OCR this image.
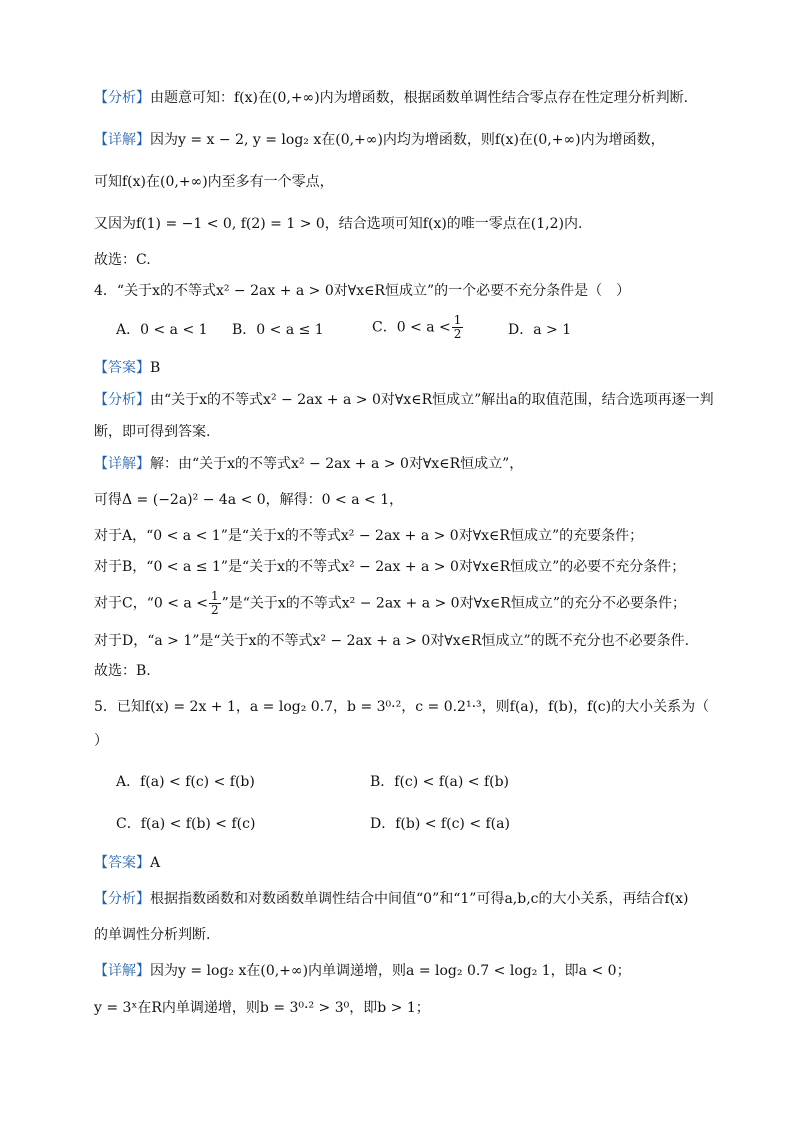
【分析】由题意可知：f(x)在(0,+∞)内为增函数，根据函数单调性结合零点存在性定理分析判断.
【详解】因为y = x − 2, y = log₂ x在(0,+∞)内均为增函数，则f(x)在(0,+∞)内为增函数，
可知f(x)在(0,+∞)内至多有一个零点，
又因为f(1) = −1 < 0, f(2) = 1 > 0，结合选项可知f(x)的唯一零点在(1,2)内.
故选：C.
4．“关于x的不等式x² − 2ax + a > 0对∀x∈R恒成立”的一个必要不充分条件是（　）
A．0 < a < 1 B．0 < a ≤ 1	C．$0 < a < \frac{1}{2}$	D．a > 1
【答案】B
【分析】由“关于x的不等式x² − 2ax + a > 0对∀x∈R恒成立”解出a的取值范围，结合选项再逐一判
断，即可得到答案.
【详解】解：由“关于x的不等式x² − 2ax + a > 0对∀x∈R恒成立”，
可得Δ = (−2a)² − 4a < 0，解得：0 < a < 1，
对于A，“0 < a < 1”是“关于x的不等式x² − 2ax + a > 0对∀x∈R恒成立”的充要条件；
对于B，“0 < a ≤ 1”是“关于x的不等式x² − 2ax + a > 0对∀x∈R恒成立”的必要不充分条件；
对于C，“$0 < a < \frac{1}{2}$ ”是“关于x的不等式x² − 2ax + a > 0对∀x∈R恒成立”的充分不必要条件；
对于D，“a > 1”是“关于x的不等式x² − 2ax + a > 0对∀x∈R恒成立”的既不充分也不必要条件.
故选：B.
5．已知f(x) = 2x + 1，a = log₂ 0.7，b = 3⁰·²，c = 0.2¹·³，则f(a)，f(b)，f(c)的大小关系为（
）
A．f(a) < f(c) < f(b)	B．f(c) < f(a) < f(b)
C．f(a) < f(b) < f(c)	D．f(b) < f(c) < f(a)
【答案】A
【分析】根据指数函数和对数函数单调性结合中间值“0”和“1”可得a,b,c的大小关系，再结合f(x)
的单调性分析判断.
【详解】因为y = log₂ x在(0,+∞)内单调递增，则a = log₂ 0.7 < log₂ 1，即a < 0；
y = 3ˣ在R内单调递增，则b = 3⁰·² > 3⁰，即b > 1；
